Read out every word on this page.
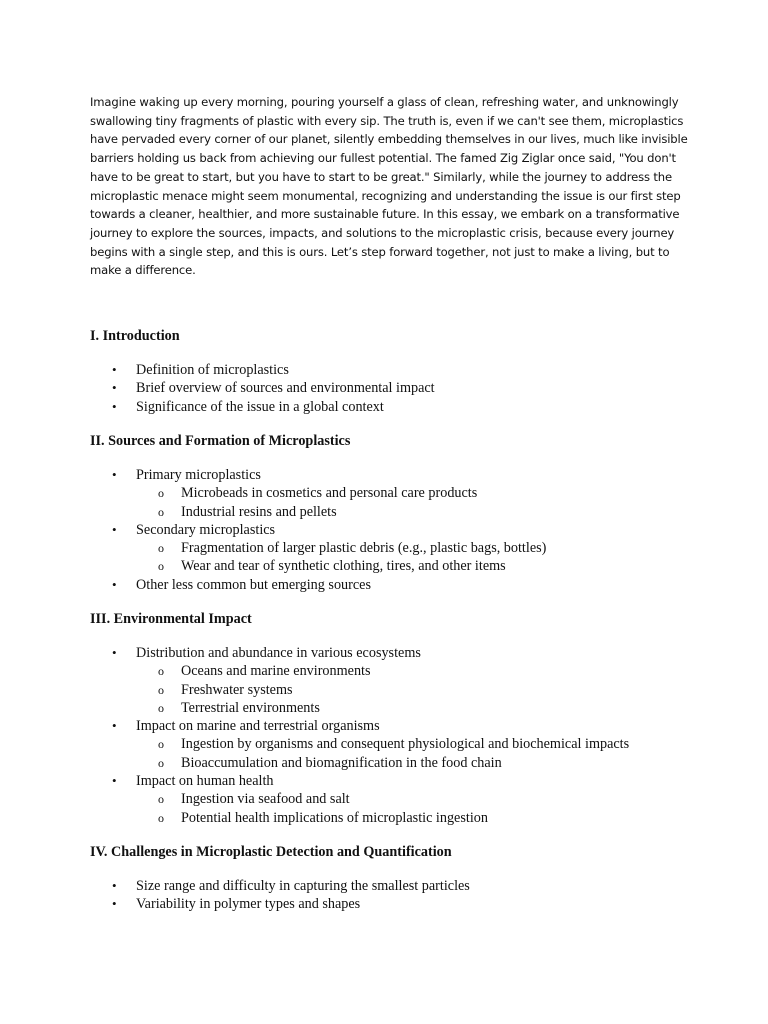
Imagine waking up every morning, pouring yourself a glass of clean, refreshing water, and unknowingly swallowing tiny fragments of plastic with every sip. The truth is, even if we can't see them, microplastics have pervaded every corner of our planet, silently embedding themselves in our lives, much like invisible barriers holding us back from achieving our fullest potential. The famed Zig Ziglar once said, "You don't have to be great to start, but you have to start to be great." Similarly, while the journey to address the microplastic menace might seem monumental, recognizing and understanding the issue is our first step towards a cleaner, healthier, and more sustainable future. In this essay, we embark on a transformative journey to explore the sources, impacts, and solutions to the microplastic crisis, because every journey begins with a single step, and this is ours. Let’s step forward together, not just to make a living, but to make a difference.

I. Introduction
• Definition of microplastics
• Brief overview of sources and environmental impact
• Significance of the issue in a global context
II. Sources and Formation of Microplastics
• Primary microplastics
o Microbeads in cosmetics and personal care products
o Industrial resins and pellets
• Secondary microplastics
o Fragmentation of larger plastic debris (e.g., plastic bags, bottles)
o Wear and tear of synthetic clothing, tires, and other items
• Other less common but emerging sources
III. Environmental Impact
• Distribution and abundance in various ecosystems
o Oceans and marine environments
o Freshwater systems
o Terrestrial environments
• Impact on marine and terrestrial organisms
o Ingestion by organisms and consequent physiological and biochemical impacts
o Bioaccumulation and biomagnification in the food chain
• Impact on human health
o Ingestion via seafood and salt
o Potential health implications of microplastic ingestion
IV. Challenges in Microplastic Detection and Quantification
• Size range and difficulty in capturing the smallest particles
• Variability in polymer types and shapes
